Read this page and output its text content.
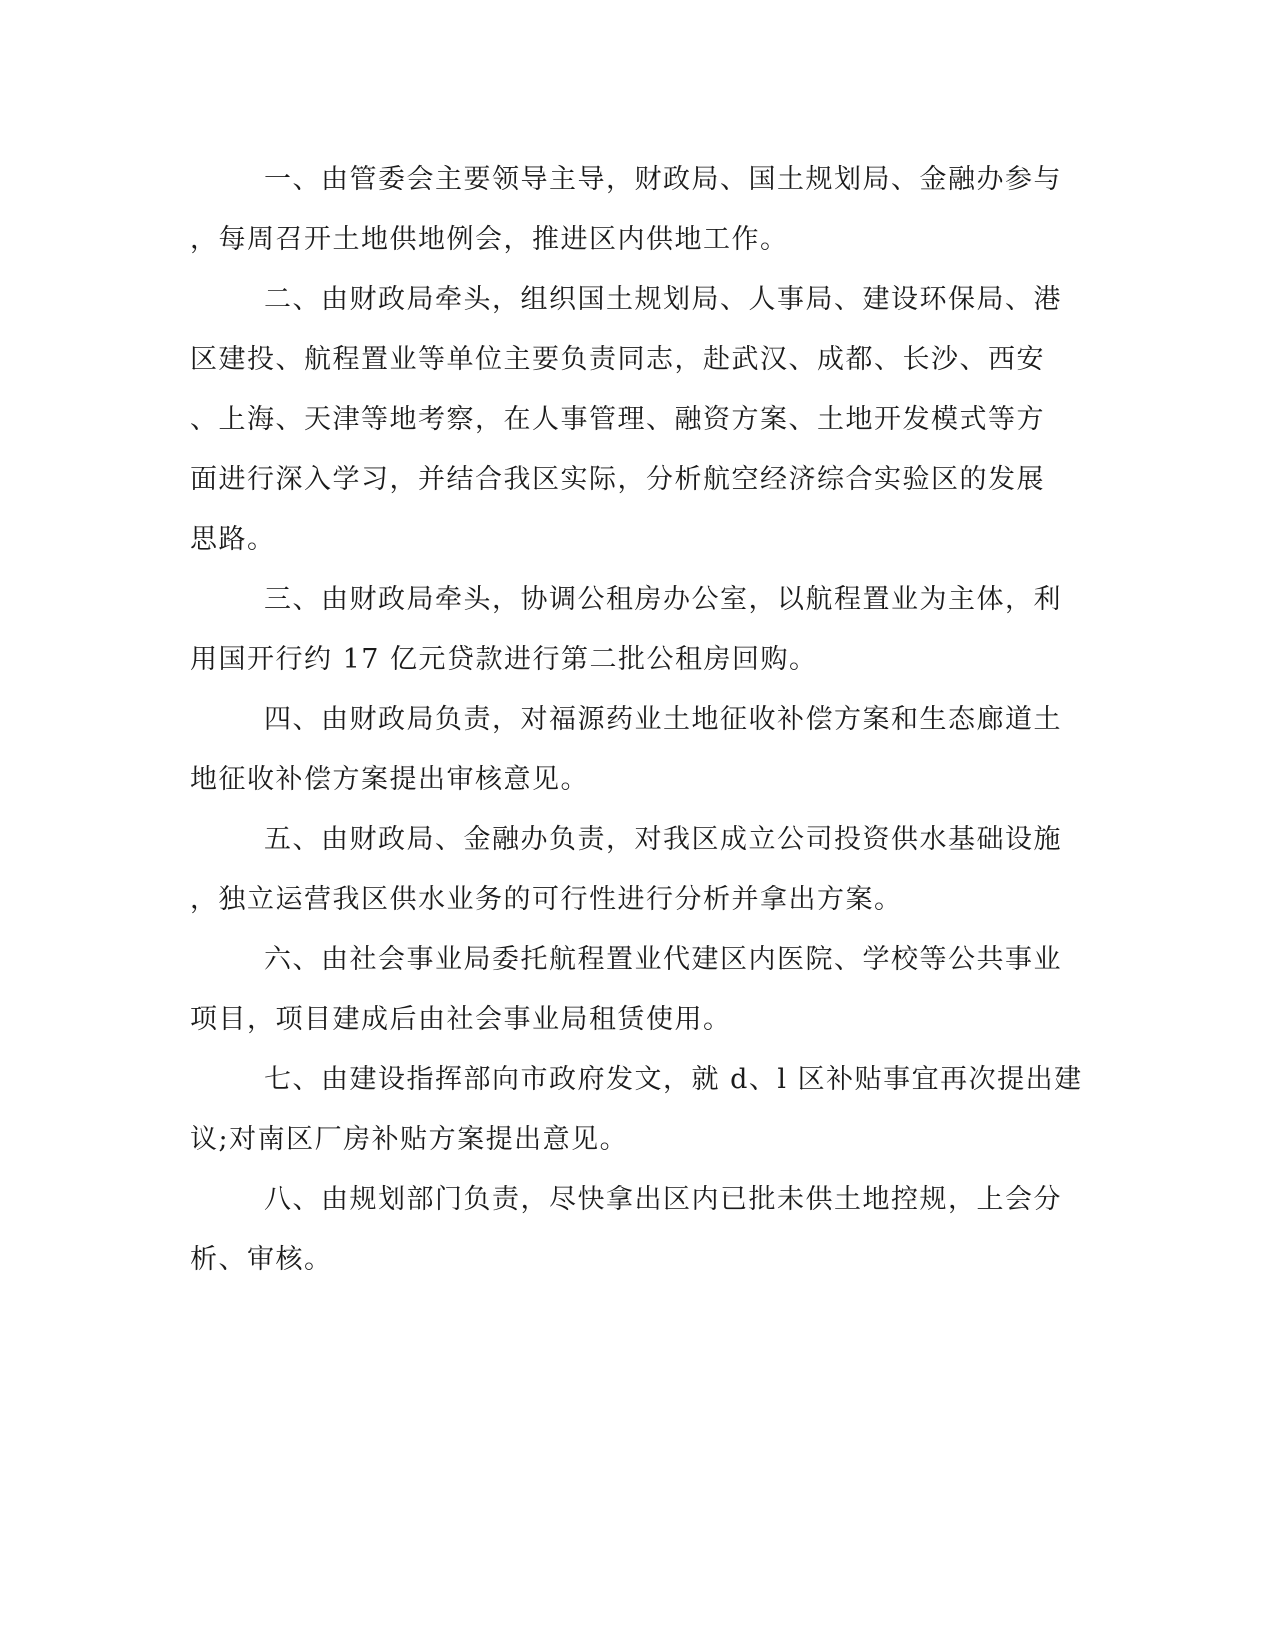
一、由管委会主要领导主导，财政局、国土规划局、金融办参与
，每周召开土地供地例会，推进区内供地工作。
二、由财政局牵头，组织国土规划局、人事局、建设环保局、港
区建投、航程置业等单位主要负责同志，赴武汉、成都、长沙、西安
、上海、天津等地考察，在人事管理、融资方案、土地开发模式等方
面进行深入学习，并结合我区实际，分析航空经济综合实验区的发展
思路。
三、由财政局牵头，协调公租房办公室，以航程置业为主体，利
用国开行约 17 亿元贷款进行第二批公租房回购。
四、由财政局负责，对福源药业土地征收补偿方案和生态廊道土
地征收补偿方案提出审核意见。
五、由财政局、金融办负责，对我区成立公司投资供水基础设施
，独立运营我区供水业务的可行性进行分析并拿出方案。
六、由社会事业局委托航程置业代建区内医院、学校等公共事业
项目，项目建成后由社会事业局租赁使用。
七、由建设指挥部向市政府发文，就 d、l 区补贴事宜再次提出建
议;对南区厂房补贴方案提出意见。
八、由规划部门负责，尽快拿出区内已批未供土地控规，上会分
析、审核。
